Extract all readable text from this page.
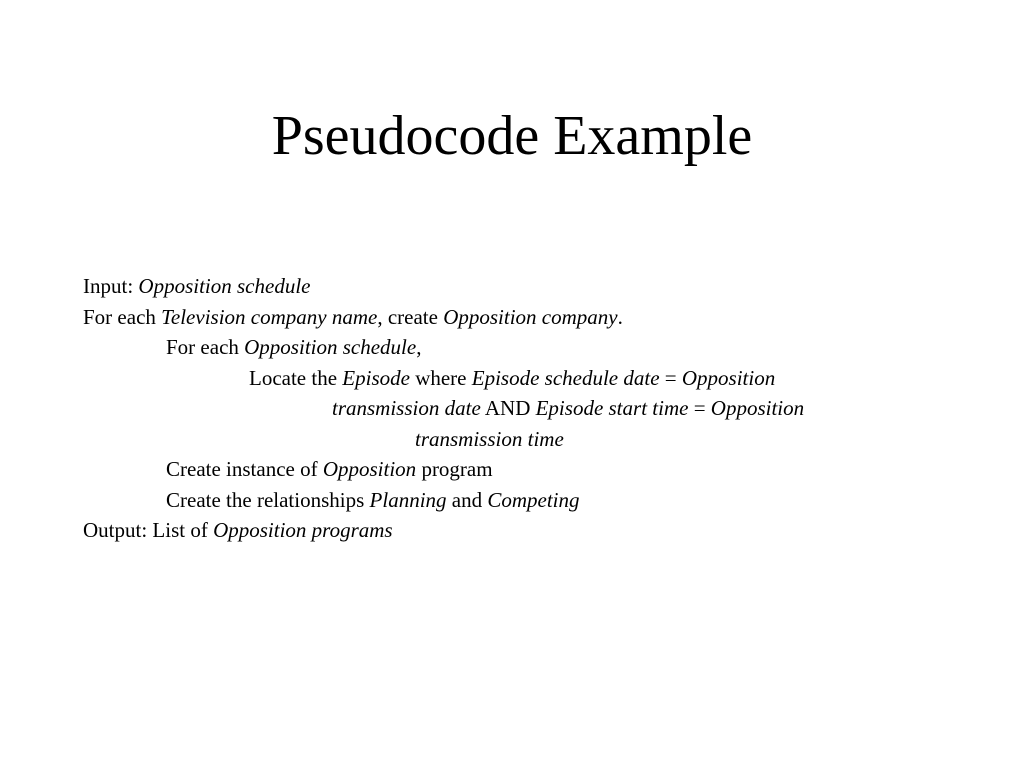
Pseudocode Example
Input: Opposition schedule
For each Television company name, create Opposition company.
For each Opposition schedule,
Locate the Episode where Episode schedule date = Opposition
transmission date AND Episode start time = Opposition
transmission time
Create instance of Opposition program
Create the relationships Planning and Competing
Output: List of Opposition programs
